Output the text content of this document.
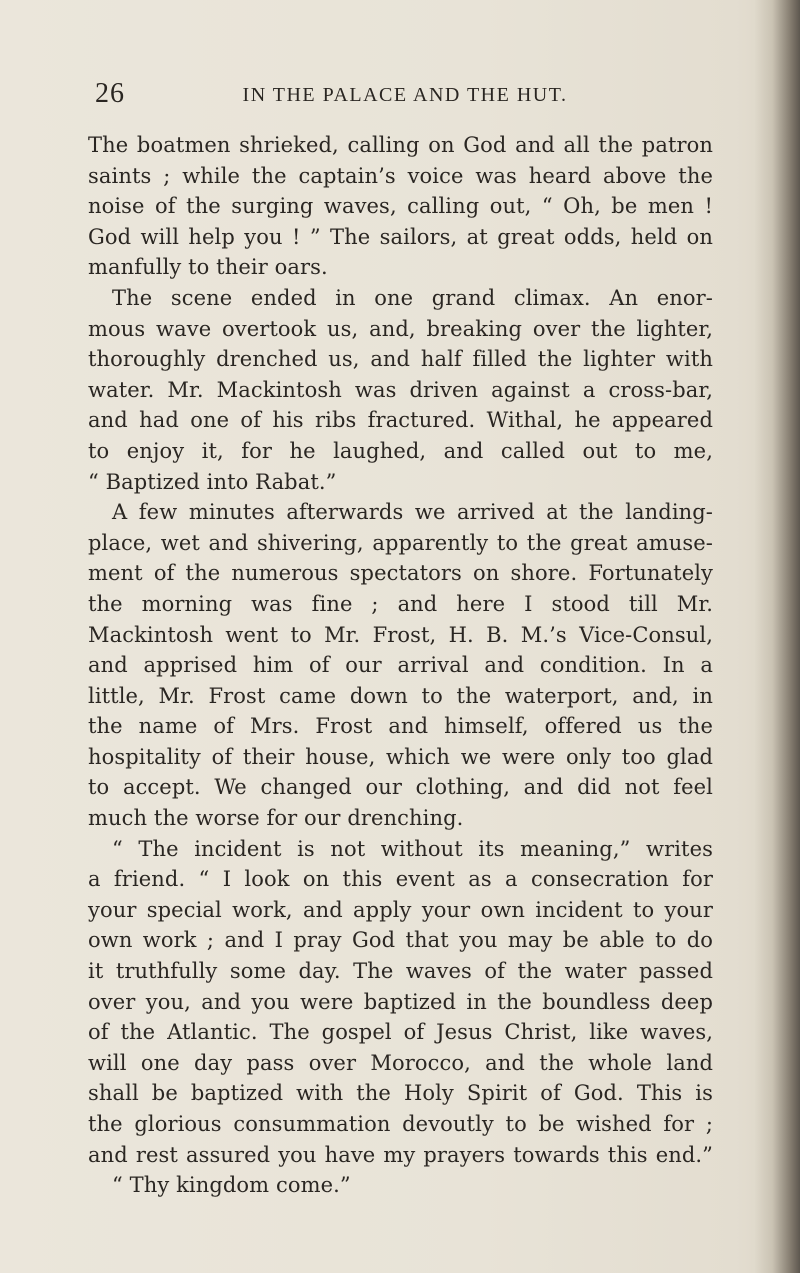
26	IN THE PALACE AND THE HUT.
The boatmen shrieked, calling on God and all the patron
saints ; while the captain’s voice was heard above the
noise of the surging waves, calling out, “ Oh, be men !
God will help you ! ” The sailors, at great odds, held on
manfully to their oars.
The scene ended in one grand climax. An enor-
mous wave overtook us, and, breaking over the lighter,
thoroughly drenched us, and half filled the lighter with
water. Mr. Mackintosh was driven against a cross-bar,
and had one of his ribs fractured. Withal, he appeared
to enjoy it, for he laughed, and called out to me,
“ Baptized into Rabat.”
A few minutes afterwards we arrived at the landing-
place, wet and shivering, apparently to the great amuse-
ment of the numerous spectators on shore. Fortunately
the morning was fine ; and here I stood till Mr.
Mackintosh went to Mr. Frost, H. B. M.’s Vice-Consul,
and apprised him of our arrival and condition. In a
little, Mr. Frost came down to the waterport, and, in
the name of Mrs. Frost and himself, offered us the
hospitality of their house, which we were only too glad
to accept. We changed our clothing, and did not feel
much the worse for our drenching.
“ The incident is not without its meaning,” writes
a friend. “ I look on this event as a consecration for
your special work, and apply your own incident to your
own work ; and I pray God that you may be able to do
it truthfully some day. The waves of the water passed
over you, and you were baptized in the boundless deep
of the Atlantic. The gospel of Jesus Christ, like waves,
will one day pass over Morocco, and the whole land
shall be baptized with the Holy Spirit of God. This is
the glorious consummation devoutly to be wished for ;
and rest assured you have my prayers towards this end.”
“ Thy kingdom come.”
